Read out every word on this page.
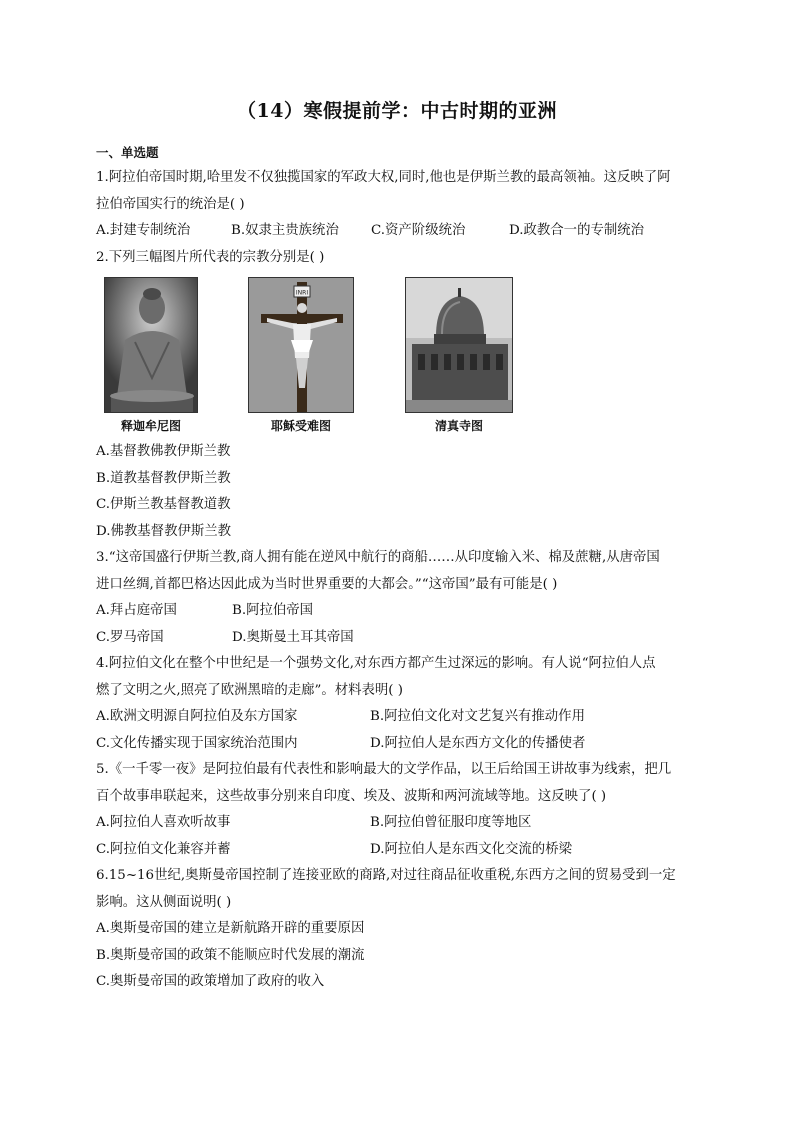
（14）寒假提前学：中古时期的亚洲
一、单选题
1.阿拉伯帝国时期,哈里发不仅独揽国家的军政大权,同时,他也是伊斯兰教的最高领袖。这反映了阿
拉伯帝国实行的统治是( )
A.封建专制统治	B.奴隶主贵族统治	C.资产阶级统治	D.政教合一的专制统治
2.下列三幅图片所代表的宗教分别是( )
释迦牟尼图
INRI
耶稣受难图	清真寺图
A.基督教佛教伊斯兰教
B.道教基督教伊斯兰教
C.伊斯兰教基督教道教
D.佛教基督教伊斯兰教
3.“这帝国盛行伊斯兰教,商人拥有能在逆风中航行的商船……从印度输入米、棉及蔗糖,从唐帝国
进口丝绸,首都巴格达因此成为当时世界重要的大都会。”“这帝国”最有可能是( )
A.拜占庭帝国	B.阿拉伯帝国
C.罗马帝国	D.奥斯曼土耳其帝国
4.阿拉伯文化在整个中世纪是一个强势文化,对东西方都产生过深远的影响。有人说“阿拉伯人点
燃了文明之火,照亮了欧洲黑暗的走廊”。材料表明( )
A.欧洲文明源自阿拉伯及东方国家	B.阿拉伯文化对文艺复兴有推动作用
C.文化传播实现于国家统治范围内	D.阿拉伯人是东西方文化的传播使者
5.《一千零一夜》是阿拉伯最有代表性和影响最大的文学作品，以王后给国王讲故事为线索，把几
百个故事串联起来，这些故事分别来自印度、埃及、波斯和两河流域等地。这反映了( )
A.阿拉伯人喜欢听故事	B.阿拉伯曾征服印度等地区
C.阿拉伯文化兼容并蓄	D.阿拉伯人是东西文化交流的桥梁
6.15~16世纪,奥斯曼帝国控制了连接亚欧的商路,对过往商品征收重税,东西方之间的贸易受到一定
影响。这从侧面说明( )
A.奥斯曼帝国的建立是新航路开辟的重要原因
B.奥斯曼帝国的政策不能顺应时代发展的潮流
C.奥斯曼帝国的政策增加了政府的收入
